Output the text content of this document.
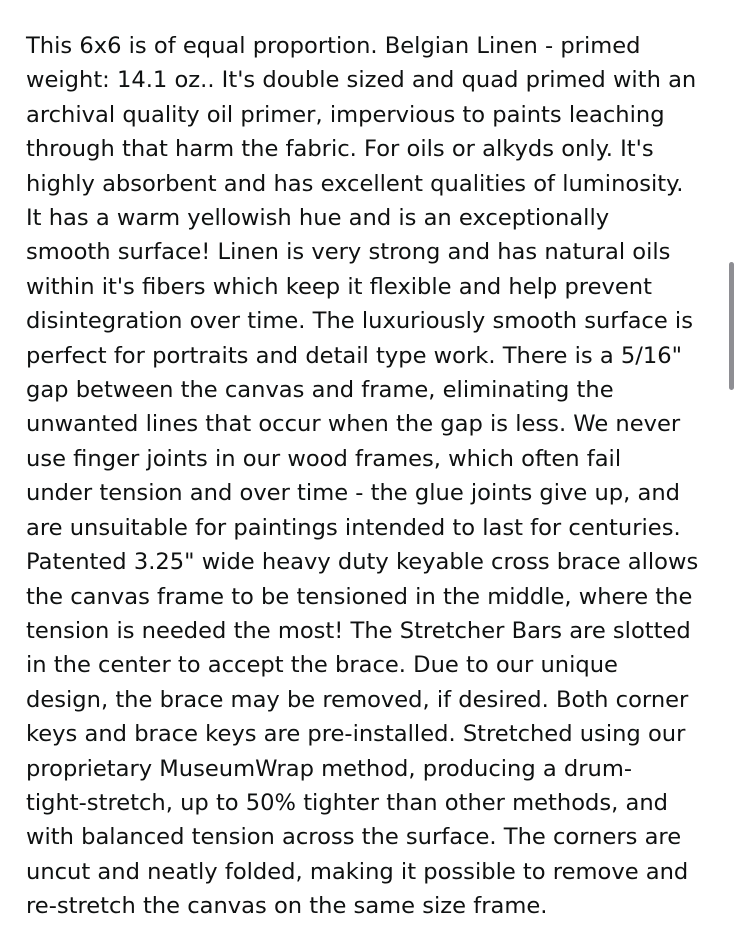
This 6x6 is of equal proportion. Belgian Linen - primed
weight: 14.1 oz.. It's double sized and quad primed with an
archival quality oil primer, impervious to paints leaching
through that harm the fabric. For oils or alkyds only. It's
highly absorbent and has excellent qualities of luminosity.
It has a warm yellowish hue and is an exceptionally
smooth surface! Linen is very strong and has natural oils
within it's fibers which keep it flexible and help prevent
disintegration over time. The luxuriously smooth surface is
perfect for portraits and detail type work. There is a 5/16"
gap between the canvas and frame, eliminating the
unwanted lines that occur when the gap is less. We never
use finger joints in our wood frames, which often fail
under tension and over time - the glue joints give up, and
are unsuitable for paintings intended to last for centuries.
Patented 3.25" wide heavy duty keyable cross brace allows
the canvas frame to be tensioned in the middle, where the
tension is needed the most! The Stretcher Bars are slotted
in the center to accept the brace. Due to our unique
design, the brace may be removed, if desired. Both corner
keys and brace keys are pre-installed. Stretched using our
proprietary MuseumWrap method, producing a drum-
tight-stretch, up to 50% tighter than other methods, and
with balanced tension across the surface. The corners are
uncut and neatly folded, making it possible to remove and
re-stretch the canvas on the same size frame.
